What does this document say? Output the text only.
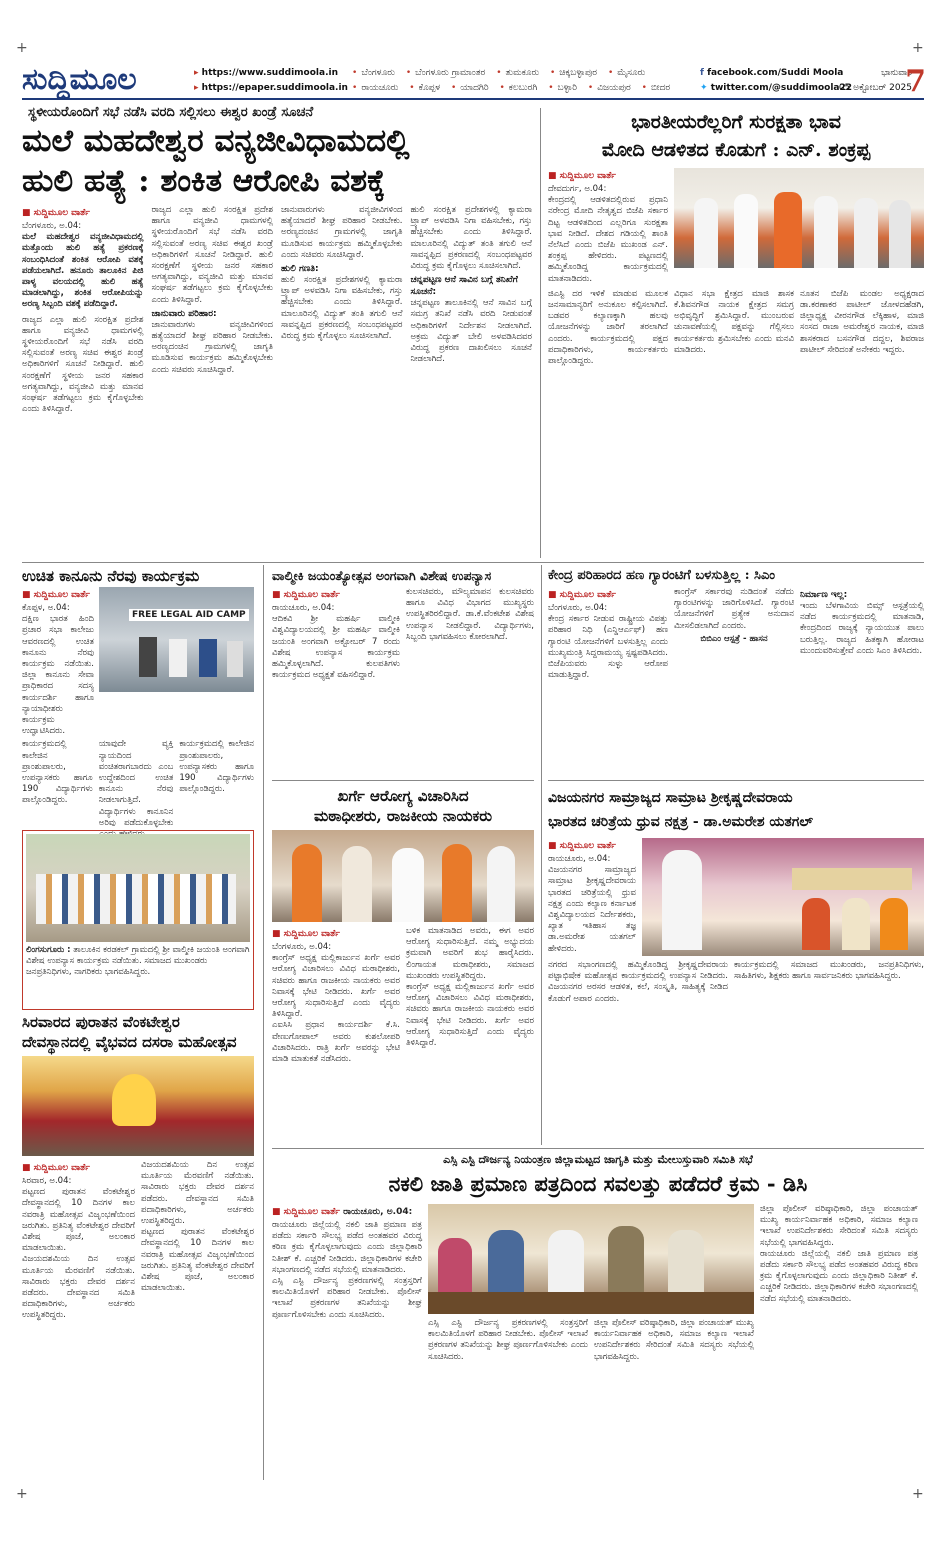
+	+
+	+
ಸುದ್ದಿಮೂಲ	▸ https://www.suddimoola.in
▸ https://epaper.suddimoola.in
• ಬೆಂಗಳೂರು • ಬೆಂಗಳೂರು ಗ್ರಾಮಾಂತರ • ತುಮಕೂರು • ಚಿಕ್ಕಬಳ್ಳಾಪುರ • ಮೈಸೂರು
• ರಾಯಚೂರು • ಕೊಪ್ಪಳ • ಯಾದಗಿರಿ • ಕಲಬುರಗಿ • ಬಳ್ಳಾರಿ • ವಿಜಯಪುರ • ಬೀದರ
f facebook.com/Suddi Moola
✦ twitter.com/@suddimoola22
ಭಾನುವಾರ
05 ಅಕ್ಟೋಬರ್ 2025
7
ಸ್ಥಳೀಯರೊಂದಿಗೆ ಸಭೆ ನಡೆಸಿ ವರದಿ ಸಲ್ಲಿಸಲು ಈಶ್ವರ ಖಂಡ್ರೆ ಸೂಚನೆ
ಮಲೆ ಮಹದೇಶ್ವರ ವನ್ಯಜೀವಿಧಾಮದಲ್ಲಿ
ಹುಲಿ ಹತ್ಯೆ : ಶಂಕಿತ ಆರೋಪಿ ವಶಕ್ಕೆ
■ ಸುದ್ದಿಮೂಲ ವಾರ್ತೆ
ಬೆಂಗಳೂರು, ಅ.04:
ಮಲೆ ಮಹದೇಶ್ವರ ವನ್ಯಜೀವಿಧಾಮದಲ್ಲಿ ಮತ್ತೊಂದು ಹುಲಿ ಹತ್ಯೆ ಪ್ರಕರಣಕ್ಕೆ ಸಂಬಂಧಿಸಿದಂತೆ ಶಂಕಿತ ಆರೋಪಿ ವಶಕ್ಕೆ ಪಡೆಯಲಾಗಿದೆ. ಹನೂರು ತಾಲೂಕಿನ ಪಿಜಿ ಪಾಳ್ಯ ವಲಯದಲ್ಲಿ ಹುಲಿ ಹತ್ಯೆ ಮಾಡಲಾಗಿದ್ದು, ಶಂಕಿತ ಆರೋಪಿಯನ್ನು ಅರಣ್ಯ ಸಿಬ್ಬಂದಿ ವಶಕ್ಕೆ ಪಡೆದಿದ್ದಾರೆ.
ರಾಜ್ಯದ ಎಲ್ಲಾ ಹುಲಿ ಸಂರಕ್ಷಿತ ಪ್ರದೇಶ ಹಾಗೂ ವನ್ಯಜೀವಿ ಧಾಮಗಳಲ್ಲಿ ಸ್ಥಳೀಯರೊಂದಿಗೆ ಸಭೆ ನಡೆಸಿ ವರದಿ ಸಲ್ಲಿಸುವಂತೆ ಅರಣ್ಯ ಸಚಿವ ಈಶ್ವರ ಖಂಡ್ರೆ ಅಧಿಕಾರಿಗಳಿಗೆ ಸೂಚನೆ ನೀಡಿದ್ದಾರೆ. ಹುಲಿ ಸಂರಕ್ಷಣೆಗೆ ಸ್ಥಳೀಯ ಜನರ ಸಹಕಾರ ಅಗತ್ಯವಾಗಿದ್ದು, ವನ್ಯಜೀವಿ ಮತ್ತು ಮಾನವ ಸಂಘರ್ಷ ತಡೆಗಟ್ಟಲು ಕ್ರಮ ಕೈಗೊಳ್ಳಬೇಕು ಎಂದು ತಿಳಿಸಿದ್ದಾರೆ.
ರಾಜ್ಯದ ಎಲ್ಲಾ ಹುಲಿ ಸಂರಕ್ಷಿತ ಪ್ರದೇಶ ಹಾಗೂ ವನ್ಯಜೀವಿ ಧಾಮಗಳಲ್ಲಿ ಸ್ಥಳೀಯರೊಂದಿಗೆ ಸಭೆ ನಡೆಸಿ ವರದಿ ಸಲ್ಲಿಸುವಂತೆ ಅರಣ್ಯ ಸಚಿವ ಈಶ್ವರ ಖಂಡ್ರೆ ಅಧಿಕಾರಿಗಳಿಗೆ ಸೂಚನೆ ನೀಡಿದ್ದಾರೆ. ಹುಲಿ ಸಂರಕ್ಷಣೆಗೆ ಸ್ಥಳೀಯ ಜನರ ಸಹಕಾರ ಅಗತ್ಯವಾಗಿದ್ದು, ವನ್ಯಜೀವಿ ಮತ್ತು ಮಾನವ ಸಂಘರ್ಷ ತಡೆಗಟ್ಟಲು ಕ್ರಮ ಕೈಗೊಳ್ಳಬೇಕು ಎಂದು ತಿಳಿಸಿದ್ದಾರೆ.
ಜಾನುವಾರು ಪರಿಹಾರ:
ಜಾನುವಾರುಗಳು ವನ್ಯಜೀವಿಗಳಿಂದ ಹತ್ಯೆಯಾದರೆ ಶೀಘ್ರ ಪರಿಹಾರ ನೀಡಬೇಕು. ಅರಣ್ಯದಂಚಿನ ಗ್ರಾಮಗಳಲ್ಲಿ ಜಾಗೃತಿ ಮೂಡಿಸುವ ಕಾರ್ಯಕ್ರಮ ಹಮ್ಮಿಕೊಳ್ಳಬೇಕು ಎಂದು ಸಚಿವರು ಸೂಚಿಸಿದ್ದಾರೆ.
ಜಾನುವಾರುಗಳು ವನ್ಯಜೀವಿಗಳಿಂದ ಹತ್ಯೆಯಾದರೆ ಶೀಘ್ರ ಪರಿಹಾರ ನೀಡಬೇಕು. ಅರಣ್ಯದಂಚಿನ ಗ್ರಾಮಗಳಲ್ಲಿ ಜಾಗೃತಿ ಮೂಡಿಸುವ ಕಾರ್ಯಕ್ರಮ ಹಮ್ಮಿಕೊಳ್ಳಬೇಕು ಎಂದು ಸಚಿವರು ಸೂಚಿಸಿದ್ದಾರೆ.
ಹುಲಿ ಗಣತಿ:
ಹುಲಿ ಸಂರಕ್ಷಿತ ಪ್ರದೇಶಗಳಲ್ಲಿ ಕ್ಯಾಮರಾ ಟ್ರ್ಯಾಪ್ ಅಳವಡಿಸಿ ನಿಗಾ ವಹಿಸಬೇಕು, ಗಸ್ತು ಹೆಚ್ಚಿಸಬೇಕು ಎಂದು ತಿಳಿಸಿದ್ದಾರೆ. ಮಾಲೂರಿನಲ್ಲಿ ವಿದ್ಯುತ್ ತಂತಿ ತಗುಲಿ ಆನೆ ಸಾವನ್ನಪ್ಪಿದ ಪ್ರಕರಣದಲ್ಲಿ ಸಂಬಂಧಪಟ್ಟವರ ವಿರುದ್ಧ ಕ್ರಮ ಕೈಗೊಳ್ಳಲು ಸೂಚಿಸಲಾಗಿದೆ.
ಹುಲಿ ಸಂರಕ್ಷಿತ ಪ್ರದೇಶಗಳಲ್ಲಿ ಕ್ಯಾಮರಾ ಟ್ರ್ಯಾಪ್ ಅಳವಡಿಸಿ ನಿಗಾ ವಹಿಸಬೇಕು, ಗಸ್ತು ಹೆಚ್ಚಿಸಬೇಕು ಎಂದು ತಿಳಿಸಿದ್ದಾರೆ. ಮಾಲೂರಿನಲ್ಲಿ ವಿದ್ಯುತ್ ತಂತಿ ತಗುಲಿ ಆನೆ ಸಾವನ್ನಪ್ಪಿದ ಪ್ರಕರಣದಲ್ಲಿ ಸಂಬಂಧಪಟ್ಟವರ ವಿರುದ್ಧ ಕ್ರಮ ಕೈಗೊಳ್ಳಲು ಸೂಚಿಸಲಾಗಿದೆ.
ಚನ್ನಪಟ್ಟಣ ಆನೆ ಸಾವಿನ ಬಗ್ಗೆ ತನಿಖೆಗೆ ಸೂಚನೆ:
ಚನ್ನಪಟ್ಟಣ ತಾಲೂಕಿನಲ್ಲಿ ಆನೆ ಸಾವಿನ ಬಗ್ಗೆ ಸಮಗ್ರ ತನಿಖೆ ನಡೆಸಿ ವರದಿ ನೀಡುವಂತೆ ಅಧಿಕಾರಿಗಳಿಗೆ ನಿರ್ದೇಶನ ನೀಡಲಾಗಿದೆ. ಅಕ್ರಮ ವಿದ್ಯುತ್ ಬೇಲಿ ಅಳವಡಿಸಿದವರ ವಿರುದ್ಧ ಪ್ರಕರಣ ದಾಖಲಿಸಲು ಸೂಚನೆ ನೀಡಲಾಗಿದೆ.
ಭಾರತೀಯರೆಲ್ಲರಿಗೆ ಸುರಕ್ಷತಾ ಭಾವ
ಮೋದಿ ಆಡಳಿತದ ಕೊಡುಗೆ : ಎನ್. ಶಂಕ್ರಪ್ಪ
■ ಸುದ್ದಿಮೂಲ ವಾರ್ತೆ
ದೇವದುರ್ಗ, ಅ.04:
ಕೇಂದ್ರದಲ್ಲಿ ಆಡಳಿತದಲ್ಲಿರುವ ಪ್ರಧಾನಿ ನರೇಂದ್ರ ಮೋದಿ ನೇತೃತ್ವದ ಬಿಜೆಪಿ ಸರ್ಕಾರ ದಿಟ್ಟ ಆಡಳಿತದಿಂದ ಎಲ್ಲರಿಗೂ ಸುರಕ್ಷತಾ ಭಾವ ನೀಡಿದೆ. ದೇಶದ ಗಡಿಯಲ್ಲಿ ಶಾಂತಿ ನೆಲೆಸಿದೆ ಎಂದು ಬಿಜೆಪಿ ಮುಖಂಡ ಎನ್. ಶಂಕ್ರಪ್ಪ ಹೇಳಿದರು. ಪಟ್ಟಣದಲ್ಲಿ ಹಮ್ಮಿಕೊಂಡಿದ್ದ ಕಾರ್ಯಕ್ರಮದಲ್ಲಿ ಮಾತನಾಡಿದರು.
ಜಿಎಸ್ಟಿ ದರ ಇಳಿಕೆ ಮಾಡುವ ಮೂಲಕ ಜನಸಾಮಾನ್ಯರಿಗೆ ಅನುಕೂಲ ಕಲ್ಪಿಸಲಾಗಿದೆ. ಬಡವರ ಕಲ್ಯಾಣಕ್ಕಾಗಿ ಹಲವು ಯೋಜನೆಗಳನ್ನು ಜಾರಿಗೆ ತರಲಾಗಿದೆ ಎಂದರು. ಕಾರ್ಯಕ್ರಮದಲ್ಲಿ ಪಕ್ಷದ ಪದಾಧಿಕಾರಿಗಳು, ಕಾರ್ಯಕರ್ತರು ಪಾಲ್ಗೊಂಡಿದ್ದರು.
ವಿಧಾನ ಸಭಾ ಕ್ಷೇತ್ರದ ಮಾಜಿ ಶಾಸಕ ಕೆ.ಶಿವನಗೌಡ ನಾಯಕ ಕ್ಷೇತ್ರದ ಸಮಗ್ರ ಅಭಿವೃದ್ಧಿಗೆ ಶ್ರಮಿಸಿದ್ದಾರೆ. ಮುಂಬರುವ ಚುನಾವಣೆಯಲ್ಲಿ ಪಕ್ಷವನ್ನು ಗೆಲ್ಲಿಸಲು ಕಾರ್ಯಕರ್ತರು ಶ್ರಮಿಸಬೇಕು ಎಂದು ಮನವಿ ಮಾಡಿದರು.
ನೂತನ ಬಿಜೆಪಿ ಮಂಡಲ ಅಧ್ಯಕ್ಷರಾದ ಡಾ.ಕರಣಾಕರ ಪಾಟೀಲ್ ಜೋಳದಹೆಡಗಿ, ಜಿಲ್ಲಾಧ್ಯಕ್ಷ ವೀರನಗೌಡ ಲೆಕ್ಕಿಹಾಳ, ಮಾಜಿ ಸಂಸದ ರಾಜಾ ಅಮರೇಶ್ವರ ನಾಯಕ, ಮಾಜಿ ಶಾಸಕರಾದ ಬಸನಗೌಡ ದದ್ದಲ, ಶಿವರಾಜ ಪಾಟೀಲ್ ಸೇರಿದಂತೆ ಅನೇಕರು ಇದ್ದರು.
ಉಚಿತ ಕಾನೂನು ನೆರವು ಕಾರ್ಯಕ್ರಮ
■ ಸುದ್ದಿಮೂಲ ವಾರ್ತೆ
ಕೊಪ್ಪಳ, ಅ.04:
ದಕ್ಷಿಣ ಭಾರತ ಹಿಂದಿ ಪ್ರಚಾರ ಸಭಾ ಕಾಲೇಜು ಆವರಣದಲ್ಲಿ ಉಚಿತ ಕಾನೂನು ನೆರವು ಕಾರ್ಯಕ್ರಮ ನಡೆಯಿತು. ಜಿಲ್ಲಾ ಕಾನೂನು ಸೇವಾ ಪ್ರಾಧಿಕಾರದ ಸದಸ್ಯ ಕಾರ್ಯದರ್ಶಿ ಹಾಗೂ ನ್ಯಾಯಾಧೀಶರು ಕಾರ್ಯಕ್ರಮ ಉದ್ಘಾಟಿಸಿದರು.
FREE LEGAL AID CAMP
ಕಾರ್ಯಕ್ರಮದಲ್ಲಿ ಕಾಲೇಜಿನ ಪ್ರಾಂಶುಪಾಲರು, ಉಪನ್ಯಾಸಕರು ಹಾಗೂ 190 ವಿದ್ಯಾರ್ಥಿಗಳು ಪಾಲ್ಗೊಂಡಿದ್ದರು.
ಯಾವುದೇ ವ್ಯಕ್ತಿ ನ್ಯಾಯದಿಂದ ವಂಚಿತರಾಗಬಾರದು ಎಂಬ ಉದ್ದೇಶದಿಂದ ಉಚಿತ ಕಾನೂನು ನೆರವು ನೀಡಲಾಗುತ್ತಿದೆ. ವಿದ್ಯಾರ್ಥಿಗಳು ಕಾನೂನಿನ ಅರಿವು ಪಡೆದುಕೊಳ್ಳಬೇಕು
ಕಾರ್ಯಕ್ರಮದಲ್ಲಿ ಕಾಲೇಜಿನ ಪ್ರಾಂಶುಪಾಲರು, ಉಪನ್ಯಾಸಕರು ಹಾಗೂ 190 ವಿದ್ಯಾರ್ಥಿಗಳು ಪಾಲ್ಗೊಂಡಿದ್ದರು.
ಲಿಂಗಸುಗೂರು : ತಾಲೂಕಿನ ಕರಡಕಲ್ ಗ್ರಾಮದಲ್ಲಿ ಶ್ರೀ ವಾಲ್ಮೀಕಿ ಜಯಂತಿ ಅಂಗವಾಗಿ ವಿಶೇಷ ಉಪನ್ಯಾಸ ಕಾರ್ಯಕ್ರಮ ನಡೆಯಿತು. ಸಮಾಜದ ಮುಖಂಡರು ಜನಪ್ರತಿನಿಧಿಗಳು, ನಾಗರಿಕರು ಭಾಗವಹಿಸಿದ್ದರು.
ಸಿರವಾರದ ಪುರಾತನ ವೆಂಕಟೇಶ್ವರ
ದೇವಸ್ಥಾನದಲ್ಲಿ ವೈಭವದ ದಸರಾ ಮಹೋತ್ಸವ
■ ಸುದ್ದಿಮೂಲ ವಾರ್ತೆ
ಸಿರವಾರ, ಅ.04:
ಪಟ್ಟಣದ ಪುರಾತನ ವೆಂಕಟೇಶ್ವರ ದೇವಸ್ಥಾನದಲ್ಲಿ 10 ದಿನಗಳ ಕಾಲ ನವರಾತ್ರಿ ಮಹೋತ್ಸವ ವಿಜೃಂಭಣೆಯಿಂದ ಜರುಗಿತು. ಪ್ರತಿನಿತ್ಯ ವೆಂಕಟೇಶ್ವರ ದೇವರಿಗೆ ವಿಶೇಷ ಪೂಜೆ, ಅಲಂಕಾರ ಮಾಡಲಾಯಿತು.
ವಿಜಯದಶಮಿಯ ದಿನ ಉತ್ಸವ ಮೂರ್ತಿಯ ಮೆರವಣಿಗೆ ನಡೆಯಿತು. ಸಾವಿರಾರು ಭಕ್ತರು ದೇವರ ದರ್ಶನ ಪಡೆದರು. ದೇವಸ್ಥಾನದ ಸಮಿತಿ ಪದಾಧಿಕಾರಿಗಳು, ಅರ್ಚಕರು ಉಪಸ್ಥಿತರಿದ್ದರು.
ವಿಜಯದಶಮಿಯ ದಿನ ಉತ್ಸವ ಮೂರ್ತಿಯ ಮೆರವಣಿಗೆ ನಡೆಯಿತು. ಸಾವಿರಾರು ಭಕ್ತರು ದೇವರ ದರ್ಶನ ಪಡೆದರು. ದೇವಸ್ಥಾನದ ಸಮಿತಿ ಪದಾಧಿಕಾರಿಗಳು, ಅರ್ಚಕರು ಉಪಸ್ಥಿತರಿದ್ದರು.
ಪಟ್ಟಣದ ಪುರಾತನ ವೆಂಕಟೇಶ್ವರ ದೇವಸ್ಥಾನದಲ್ಲಿ 10 ದಿನಗಳ ಕಾಲ ನವರಾತ್ರಿ ಮಹೋತ್ಸವ ವಿಜೃಂಭಣೆಯಿಂದ ಜರುಗಿತು. ಪ್ರತಿನಿತ್ಯ ವೆಂಕಟೇಶ್ವರ ದೇವರಿಗೆ ವಿಶೇಷ ಪೂಜೆ, ಅಲಂಕಾರ ಮಾಡಲಾಯಿತು.
ವಾಲ್ಮೀಕಿ ಜಯಂತ್ಯೋತ್ಸವ ಅಂಗವಾಗಿ ವಿಶೇಷ ಉಪನ್ಯಾಸ
■ ಸುದ್ದಿಮೂಲ ವಾರ್ತೆ
ರಾಯಚೂರು, ಅ.04:
ಆದಿಕವಿ ಶ್ರೀ ಮಹರ್ಷಿ ವಾಲ್ಮೀಕಿ ವಿಶ್ವವಿದ್ಯಾಲಯದಲ್ಲಿ ಶ್ರೀ ಮಹರ್ಷಿ ವಾಲ್ಮೀಕಿ ಜಯಂತಿ ಅಂಗವಾಗಿ ಅಕ್ಟೋಬರ್ 7 ರಂದು ವಿಶೇಷ ಉಪನ್ಯಾಸ ಕಾರ್ಯಕ್ರಮ ಹಮ್ಮಿಕೊಳ್ಳಲಾಗಿದೆ. ಕುಲಪತಿಗಳು ಕಾರ್ಯಕ್ರಮದ ಅಧ್ಯಕ್ಷತೆ ವಹಿಸಲಿದ್ದಾರೆ.
ಕುಲಸಚಿವರು, ಮೌಲ್ಯಮಾಪನ ಕುಲಸಚಿವರು ಹಾಗೂ ವಿವಿಧ ವಿಭಾಗದ ಮುಖ್ಯಸ್ಥರು ಉಪಸ್ಥಿತರಿರಲಿದ್ದಾರೆ. ಡಾ.ಕೆ.ವೆಂಕಟೇಶ ವಿಶೇಷ ಉಪನ್ಯಾಸ ನೀಡಲಿದ್ದಾರೆ. ವಿದ್ಯಾರ್ಥಿಗಳು, ಸಿಬ್ಬಂದಿ ಭಾಗವಹಿಸಲು ಕೋರಲಾಗಿದೆ.
ಖರ್ಗೆ ಆರೋಗ್ಯ ವಿಚಾರಿಸಿದ
ಮಠಾಧೀಶರು, ರಾಜಕೀಯ ನಾಯಕರು
■ ಸುದ್ದಿಮೂಲ ವಾರ್ತೆ
ಬೆಂಗಳೂರು, ಅ.04:
ಕಾಂಗ್ರೆಸ್ ಅಧ್ಯಕ್ಷ ಮಲ್ಲಿಕಾರ್ಜುನ ಖರ್ಗೆ ಅವರ ಆರೋಗ್ಯ ವಿಚಾರಿಸಲು ವಿವಿಧ ಮಠಾಧೀಶರು, ಸಚಿವರು ಹಾಗೂ ರಾಜಕೀಯ ನಾಯಕರು ಅವರ ನಿವಾಸಕ್ಕೆ ಭೇಟಿ ನೀಡಿದರು. ಖರ್ಗೆ ಅವರ ಆರೋಗ್ಯ ಸುಧಾರಿಸುತ್ತಿದೆ ಎಂದು ವೈದ್ಯರು ತಿಳಿಸಿದ್ದಾರೆ.
ಎಐಸಿಸಿ ಪ್ರಧಾನ ಕಾರ್ಯದರ್ಶಿ ಕೆ.ಸಿ. ವೇಣುಗೋಪಾಲ್ ಅವರು ಕುಶಲೋಪರಿ ವಿಚಾರಿಸಿದರು. ರಾತ್ರಿ ಖರ್ಗೆ ಅವರನ್ನು ಭೇಟಿ ಮಾಡಿ ಮಾತುಕತೆ ನಡೆಸಿದರು.
ಬಳಿಕ ಮಾತನಾಡಿದ ಅವರು, ಈಗ ಅವರ ಆರೋಗ್ಯ ಸುಧಾರಿಸುತ್ತಿದೆ. ನಮ್ಮ ಅಭ್ಯುದಯ ಕ್ರಮವಾಗಿ ಅವರಿಗೆ ಶುಭ ಹಾರೈಸಿದರು. ಲಿಂಗಾಯತ ಮಠಾಧೀಶರು, ಸಮಾಜದ ಮುಖಂಡರು ಉಪಸ್ಥಿತರಿದ್ದರು.
ಕಾಂಗ್ರೆಸ್ ಅಧ್ಯಕ್ಷ ಮಲ್ಲಿಕಾರ್ಜುನ ಖರ್ಗೆ ಅವರ ಆರೋಗ್ಯ ವಿಚಾರಿಸಲು ವಿವಿಧ ಮಠಾಧೀಶರು, ಸಚಿವರು ಹಾಗೂ ರಾಜಕೀಯ ನಾಯಕರು ಅವರ ನಿವಾಸಕ್ಕೆ ಭೇಟಿ ನೀಡಿದರು. ಖರ್ಗೆ ಅವರ ಆರೋಗ್ಯ ಸುಧಾರಿಸುತ್ತಿದೆ ಎಂದು ವೈದ್ಯರು ತಿಳಿಸಿದ್ದಾರೆ.
ಕೇಂದ್ರ ಪರಿಹಾರದ ಹಣ ಗ್ಯಾರಂಟಿಗೆ ಬಳಸುತ್ತಿಲ್ಲ : ಸಿಎಂ
■ ಸುದ್ದಿಮೂಲ ವಾರ್ತೆ
ಬೆಂಗಳೂರು, ಅ.04:
ಕೇಂದ್ರ ಸರ್ಕಾರ ನೀಡುವ ರಾಷ್ಟ್ರೀಯ ವಿಪತ್ತು ಪರಿಹಾರ ನಿಧಿ (ಎನ್ಡಿಆರ್ಎಫ್) ಹಣ ಗ್ಯಾರಂಟಿ ಯೋಜನೆಗಳಿಗೆ ಬಳಸುತ್ತಿಲ್ಲ ಎಂದು ಮುಖ್ಯಮಂತ್ರಿ ಸಿದ್ದರಾಮಯ್ಯ ಸ್ಪಷ್ಟಪಡಿಸಿದರು. ಬಿಜೆಪಿಯವರು ಸುಳ್ಳು ಆರೋಪ ಮಾಡುತ್ತಿದ್ದಾರೆ.
ಕಾಂಗ್ರೆಸ್ ಸರ್ಕಾರವು ನುಡಿದಂತೆ ನಡೆದು ಗ್ಯಾರಂಟಿಗಳನ್ನು ಜಾರಿಗೊಳಿಸಿದೆ. ಗ್ಯಾರಂಟಿ ಯೋಜನೆಗಳಿಗೆ ಪ್ರತ್ಯೇಕ ಅನುದಾನ ಮೀಸಲಿಡಲಾಗಿದೆ ಎಂದರು.
ಬಿಬಿಎಂ ಆಸ್ಪತ್ರೆ - ಹಾಸನ
ನಿರ್ಮಾಣ ಇಲ್ಲ:
ಇಂದು ಬೆಳಗಾವಿಯ ಬಿಮ್ಸ್ ಆಸ್ಪತ್ರೆಯಲ್ಲಿ ನಡೆದ ಕಾರ್ಯಕ್ರಮದಲ್ಲಿ ಮಾತನಾಡಿ, ಕೇಂದ್ರದಿಂದ ರಾಜ್ಯಕ್ಕೆ ನ್ಯಾಯಯುತ ಪಾಲು ಬರುತ್ತಿಲ್ಲ. ರಾಜ್ಯದ ಹಿತಕ್ಕಾಗಿ ಹೋರಾಟ ಮುಂದುವರಿಸುತ್ತೇವೆ ಎಂದು ಸಿಎಂ ತಿಳಿಸಿದರು.
ವಿಜಯನಗರ ಸಾಮ್ರಾಜ್ಯದ ಸಾಮ್ರಾಟ ಶ್ರೀಕೃಷ್ಣದೇವರಾಯ
ಭಾರತದ ಚರಿತ್ರೆಯ ಧ್ರುವ ನಕ್ಷತ್ರ - ಡಾ.ಅಮರೇಶ ಯತಗಲ್
■ ಸುದ್ದಿಮೂಲ ವಾರ್ತೆ
ರಾಯಚೂರು, ಅ.04:
ವಿಜಯನಗರ ಸಾಮ್ರಾಜ್ಯದ ಸಾಮ್ರಾಟ ಶ್ರೀಕೃಷ್ಣದೇವರಾಯ ಭಾರತದ ಚರಿತ್ರೆಯಲ್ಲಿ ಧ್ರುವ ನಕ್ಷತ್ರ ಎಂದು ಕಲ್ಯಾಣ ಕರ್ನಾಟಕ ವಿಶ್ವವಿದ್ಯಾಲಯದ ನಿರ್ದೇಶಕರು, ಖ್ಯಾತ ಇತಿಹಾಸ ತಜ್ಞ ಡಾ.ಅಮರೇಶ ಯತಗಲ್ ಹೇಳಿದರು.
ನಗರದ ಸಭಾಂಗಣದಲ್ಲಿ ಹಮ್ಮಿಕೊಂಡಿದ್ದ ಶ್ರೀಕೃಷ್ಣದೇವರಾಯ ಪಟ್ಟಾಭಿಷೇಕ ಮಹೋತ್ಸವ ಕಾರ್ಯಕ್ರಮದಲ್ಲಿ ಉಪನ್ಯಾಸ ನೀಡಿದರು. ವಿಜಯನಗರ ಅರಸರ ಆಡಳಿತ, ಕಲೆ, ಸಂಸ್ಕೃತಿ, ಸಾಹಿತ್ಯಕ್ಕೆ ನೀಡಿದ ಕೊಡುಗೆ ಅಪಾರ ಎಂದರು.
ಕಾರ್ಯಕ್ರಮದಲ್ಲಿ ಸಮಾಜದ ಮುಖಂಡರು, ಜನಪ್ರತಿನಿಧಿಗಳು, ಸಾಹಿತಿಗಳು, ಶಿಕ್ಷಕರು ಹಾಗೂ ಸಾರ್ವಜನಿಕರು ಭಾಗವಹಿಸಿದ್ದರು.
ಎಸ್ಸಿ ಎಸ್ಟಿ ದೌರ್ಜನ್ಯ ನಿಯಂತ್ರಣ ಜಿಲ್ಲಾಮಟ್ಟದ ಜಾಗೃತಿ ಮತ್ತು ಮೇಲುಸ್ತುವಾರಿ ಸಮಿತಿ ಸಭೆ
ನಕಲಿ ಜಾತಿ ಪ್ರಮಾಣ ಪತ್ರದಿಂದ ಸವಲತ್ತು ಪಡೆದರೆ ಕ್ರಮ - ಡಿಸಿ
■ ಸುದ್ದಿಮೂಲ ವಾರ್ತೆ ರಾಯಚೂರು, ಅ.04:
ರಾಯಚೂರು ಜಿಲ್ಲೆಯಲ್ಲಿ ನಕಲಿ ಜಾತಿ ಪ್ರಮಾಣ ಪತ್ರ ಪಡೆದು ಸರ್ಕಾರಿ ಸೌಲಭ್ಯ ಪಡೆದ ಅಂತಹವರ ವಿರುದ್ಧ ಕಠಿಣ ಕ್ರಮ ಕೈಗೊಳ್ಳಲಾಗುವುದು ಎಂದು ಜಿಲ್ಲಾಧಿಕಾರಿ ನಿತೀಶ್ ಕೆ. ಎಚ್ಚರಿಕೆ ನೀಡಿದರು. ಜಿಲ್ಲಾಧಿಕಾರಿಗಳ ಕಚೇರಿ ಸಭಾಂಗಣದಲ್ಲಿ ನಡೆದ ಸಭೆಯಲ್ಲಿ ಮಾತನಾಡಿದರು.
ಎಸ್ಸಿ ಎಸ್ಟಿ ದೌರ್ಜನ್ಯ ಪ್ರಕರಣಗಳಲ್ಲಿ ಸಂತ್ರಸ್ತರಿಗೆ ಕಾಲಮಿತಿಯೊಳಗೆ ಪರಿಹಾರ ನೀಡಬೇಕು. ಪೊಲೀಸ್ ಇಲಾಖೆ ಪ್ರಕರಣಗಳ ತನಿಖೆಯನ್ನು ಶೀಘ್ರ ಪೂರ್ಣಗೊಳಿಸಬೇಕು ಎಂದು ಸೂಚಿಸಿದರು.
ಎಸ್ಸಿ ಎಸ್ಟಿ ದೌರ್ಜನ್ಯ ಪ್ರಕರಣಗಳಲ್ಲಿ ಸಂತ್ರಸ್ತರಿಗೆ ಕಾಲಮಿತಿಯೊಳಗೆ ಪರಿಹಾರ ನೀಡಬೇಕು. ಪೊಲೀಸ್ ಇಲಾಖೆ ಪ್ರಕರಣಗಳ ತನಿಖೆಯನ್ನು ಶೀಘ್ರ ಪೂರ್ಣಗೊಳಿಸಬೇಕು ಎಂದು ಸೂಚಿಸಿದರು.
ಜಿಲ್ಲಾ ಪೊಲೀಸ್ ವರಿಷ್ಠಾಧಿಕಾರಿ, ಜಿಲ್ಲಾ ಪಂಚಾಯತ್ ಮುಖ್ಯ ಕಾರ್ಯನಿರ್ವಾಹಕ ಅಧಿಕಾರಿ, ಸಮಾಜ ಕಲ್ಯಾಣ ಇಲಾಖೆ ಉಪನಿರ್ದೇಶಕರು ಸೇರಿದಂತೆ ಸಮಿತಿ ಸದಸ್ಯರು ಸಭೆಯಲ್ಲಿ ಭಾಗವಹಿಸಿದ್ದರು.
ಜಿಲ್ಲಾ ಪೊಲೀಸ್ ವರಿಷ್ಠಾಧಿಕಾರಿ, ಜಿಲ್ಲಾ ಪಂಚಾಯತ್ ಮುಖ್ಯ ಕಾರ್ಯನಿರ್ವಾಹಕ ಅಧಿಕಾರಿ, ಸಮಾಜ ಕಲ್ಯಾಣ ಇಲಾಖೆ ಉಪನಿರ್ದೇಶಕರು ಸೇರಿದಂತೆ ಸಮಿತಿ ಸದಸ್ಯರು ಸಭೆಯಲ್ಲಿ ಭಾಗವಹಿಸಿದ್ದರು.
ರಾಯಚೂರು ಜಿಲ್ಲೆಯಲ್ಲಿ ನಕಲಿ ಜಾತಿ ಪ್ರಮಾಣ ಪತ್ರ ಪಡೆದು ಸರ್ಕಾರಿ ಸೌಲಭ್ಯ ಪಡೆದ ಅಂತಹವರ ವಿರುದ್ಧ ಕಠಿಣ ಕ್ರಮ ಕೈಗೊಳ್ಳಲಾಗುವುದು ಎಂದು ಜಿಲ್ಲಾಧಿಕಾರಿ ನಿತೀಶ್ ಕೆ. ಎಚ್ಚರಿಕೆ ನೀಡಿದರು. ಜಿಲ್ಲಾಧಿಕಾರಿಗಳ ಕಚೇರಿ ಸಭಾಂಗಣದಲ್ಲಿ ನಡೆದ ಸಭೆಯಲ್ಲಿ ಮಾತನಾಡಿದರು.
